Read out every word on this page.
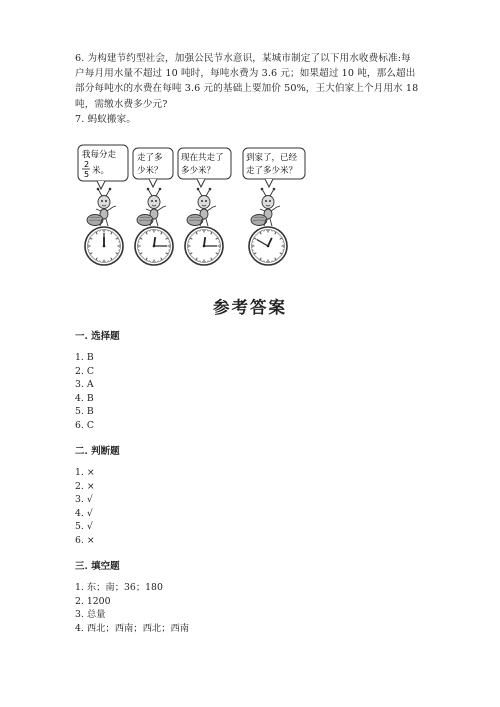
6. 为构建节约型社会，加强公民节水意识，某城市制定了以下用水收费标准:每

户每月用水量不超过 10 吨时，每吨水费为 3.6 元；如果超过 10 吨，那么超出

部分每吨水的水费在每吨 3.6 元的基础上要加价 50%，王大伯家上个月用水 18

吨，需缴水费多少元?

7. 蚂蚁搬家。

我每分走
2
5 米。
走了多
少米？
现在共走了
多少米？
到家了，已经
走了多少米？
参考答案
一. 选择题
1. B
2. C
3. A
4. B
5. B
6. C
二. 判断题
1. ×
2. ×
3. √
4. √
5. √
6. ×
三. 填空题
1. 东；南；36；180
2. 1200
3. 总量
4. 西北；西南；西北；西南
